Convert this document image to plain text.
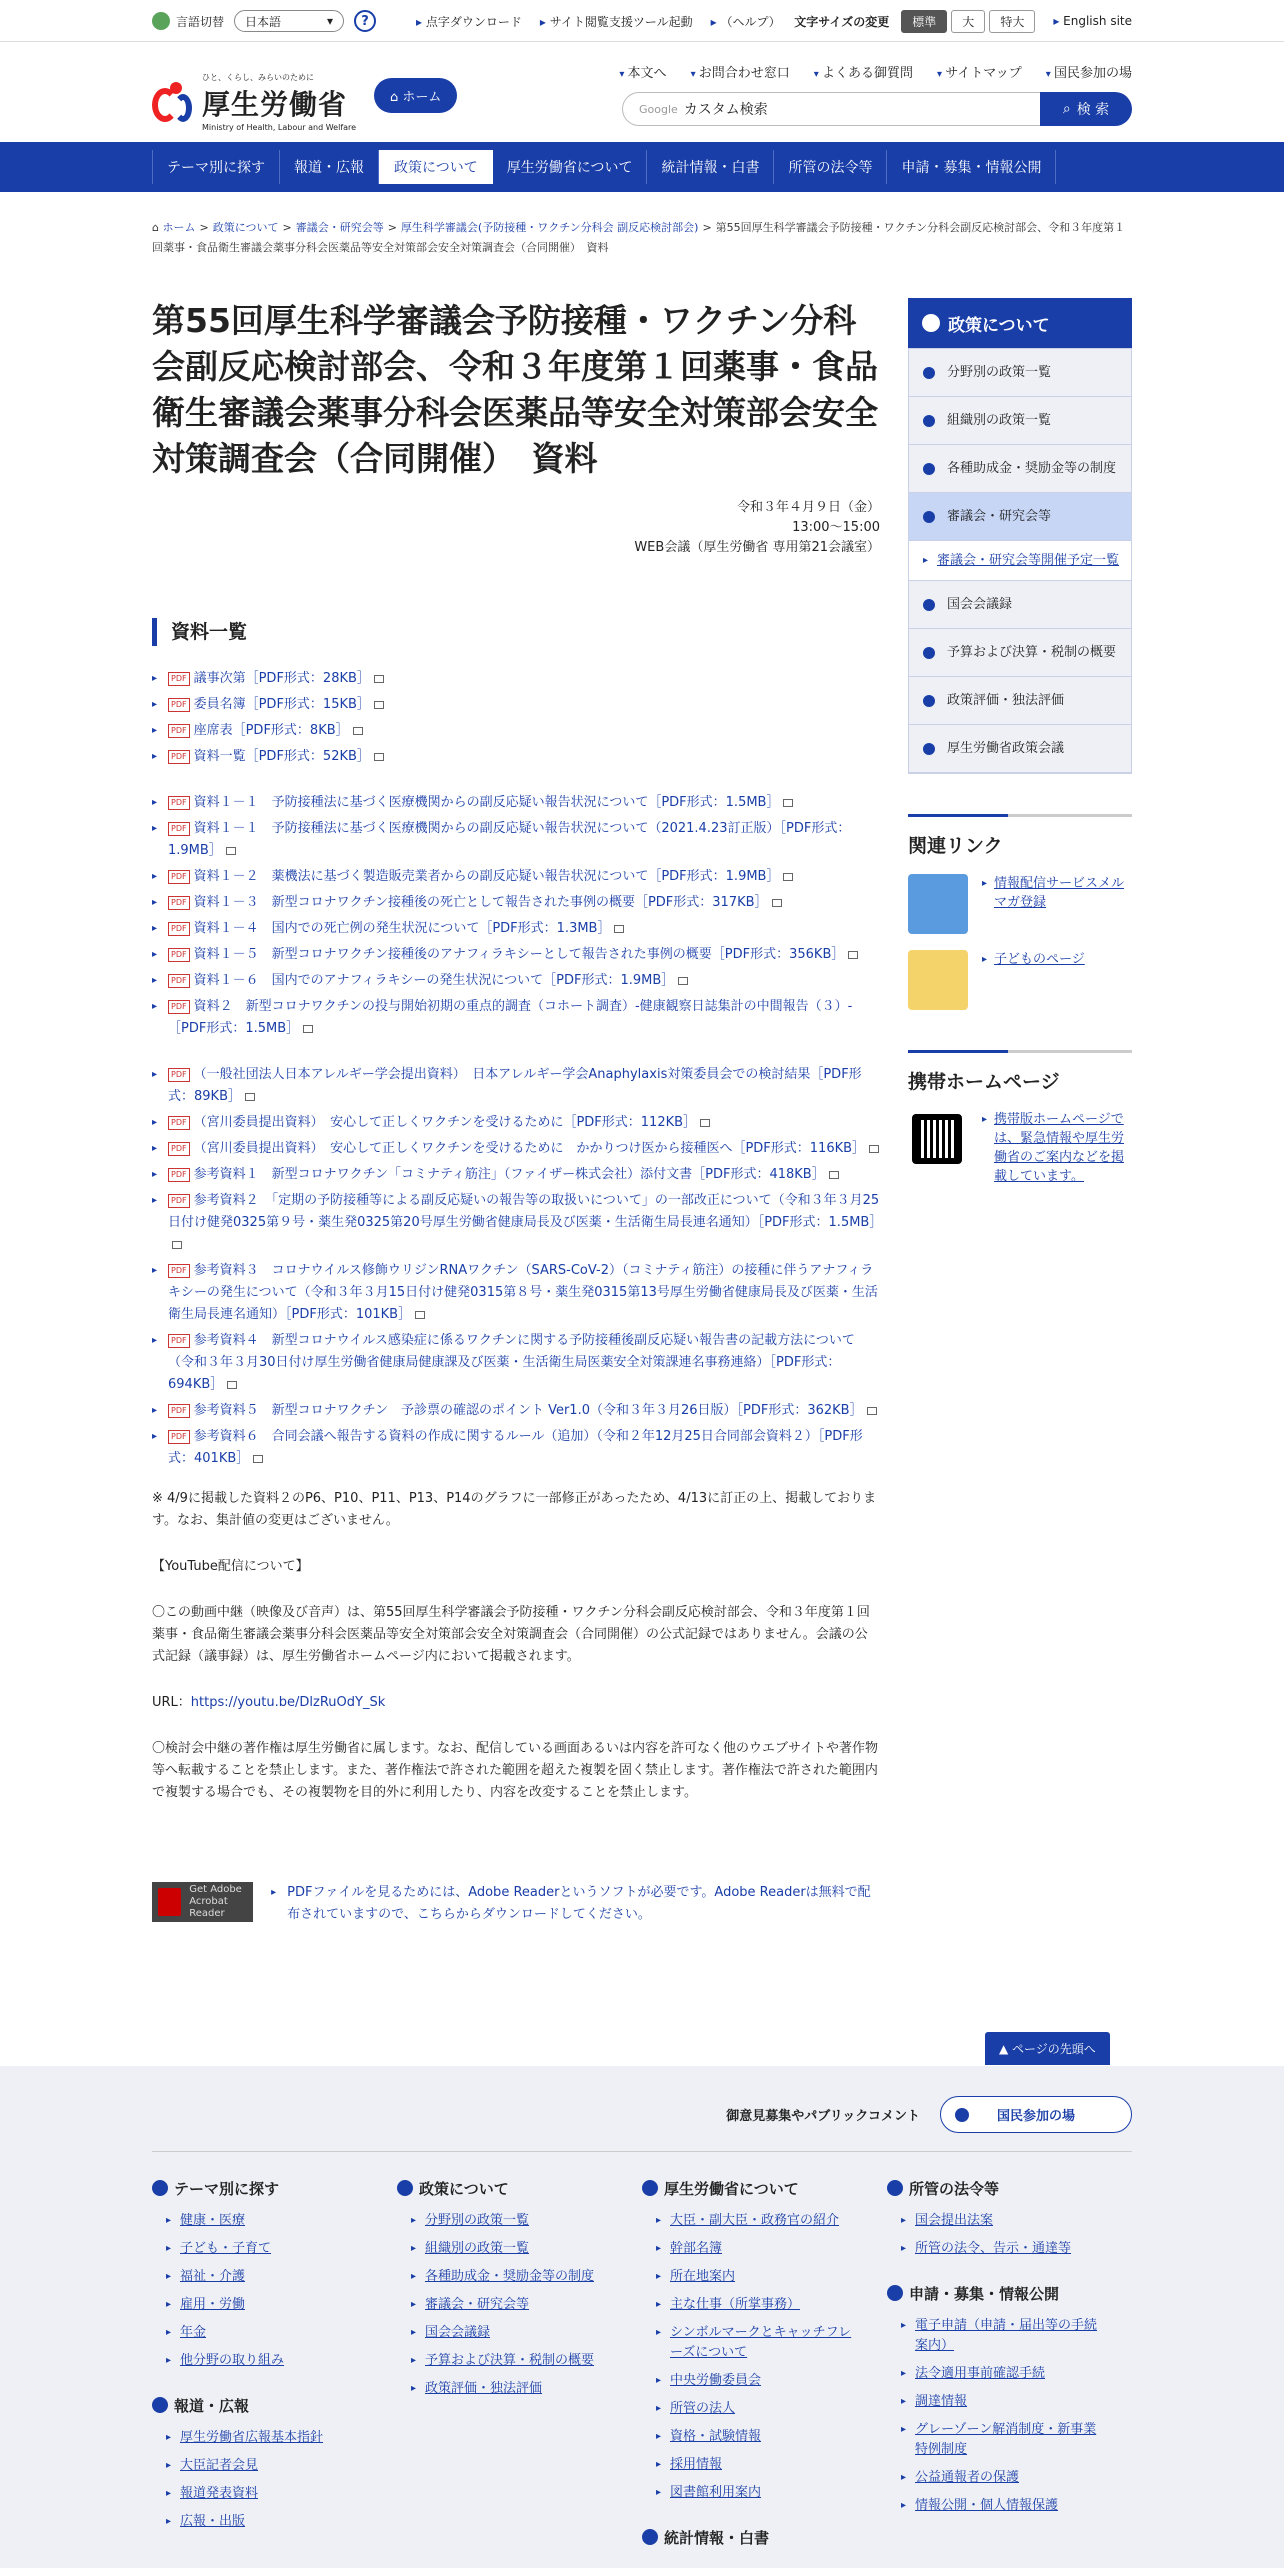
言語切替 日本語	▾	?	▸ 点字ダウンロード	▸ サイト閲覧支援ツール起動	▸ （ヘルプ） 文字サイズの変更	標準	大	特大	▸ English site
ひと、くらし、みらいのために
厚生労働省
Ministry of Health, Labour and Welfare
⌂ ホーム
▾ 本文へ	▾ お問合わせ窓口	▾ よくある御質問	▾ サイトマップ	▾ 国民参加の場
Google カスタム検索	⌕ 検 索
テーマ別に探す	報道・広報	政策について	厚生労働省について	統計情報・白書	所管の法令等	申請・募集・情報公開
⌂ ホーム > 政策について > 審議会・研究会等 > 厚生科学審議会(予防接種・ワクチン分科会 副反応検討部会) > 第55回厚生科学審議会予防接種・ワクチン分科会副反応検討部会、令和３年度第１回薬事・食品衛生審議会薬事分科会医薬品等安全対策部会安全対策調査会（合同開催）　資料
第55回厚生科学審議会予防接種・ワクチン分科会副反応検討部会、令和３年度第１回薬事・食品衛生審議会薬事分科会医薬品等安全対策部会安全対策調査会（合同開催）　資料
令和３年４月９日（金）
13:00～15:00
WEB会議（厚生労働省 専用第21会議室）
資料一覧
▸ PDF 議事次第［PDF形式：28KB］
▸ PDF 委員名簿［PDF形式：15KB］
▸ PDF 座席表［PDF形式：8KB］
▸ PDF 資料一覧［PDF形式：52KB］
▸ PDF 資料１－１　予防接種法に基づく医療機関からの副反応疑い報告状況について［PDF形式：1.5MB］
▸ PDF 資料１－１　予防接種法に基づく医療機関からの副反応疑い報告状況について（2021.4.23訂正版）［PDF形式：1.9MB］
▸ PDF 資料１－２　薬機法に基づく製造販売業者からの副反応疑い報告状況について［PDF形式：1.9MB］
▸ PDF 資料１－３　新型コロナワクチン接種後の死亡として報告された事例の概要［PDF形式：317KB］
▸ PDF 資料１－４　国内での死亡例の発生状況について［PDF形式：1.3MB］
▸ PDF 資料１－５　新型コロナワクチン接種後のアナフィラキシーとして報告された事例の概要［PDF形式：356KB］
▸ PDF 資料１－６　国内でのアナフィラキシーの発生状況について［PDF形式：1.9MB］
▸ PDF 資料２　新型コロナワクチンの投与開始初期の重点的調査（コホート調査）-健康観察日誌集計の中間報告（３）-［PDF形式：1.5MB］
▸ PDF （一般社団法人日本アレルギー学会提出資料）　日本アレルギー学会Anaphylaxis対策委員会での検討結果［PDF形式：89KB］
▸ PDF （宮川委員提出資料）　安心して正しくワクチンを受けるために［PDF形式：112KB］
▸ PDF （宮川委員提出資料）　安心して正しくワクチンを受けるために　かかりつけ医から接種医へ［PDF形式：116KB］
▸ PDF 参考資料１　新型コロナワクチン「コミナティ筋注」（ファイザー株式会社）添付文書［PDF形式：418KB］
▸ PDF 参考資料２　「定期の予防接種等による副反応疑いの報告等の取扱いについて」の一部改正について（令和３年３月25日付け健発0325第９号・薬生発0325第20号厚生労働省健康局長及び医薬・生活衛生局長連名通知）［PDF形式：1.5MB］
▸ PDF 参考資料３　コロナウイルス修飾ウリジンRNAワクチン（SARS-CoV-2）（コミナティ筋注）の接種に伴うアナフィラキシーの発生について（令和３年３月15日付け健発0315第８号・薬生発0315第13号厚生労働省健康局長及び医薬・生活衛生局長連名通知）［PDF形式：101KB］
▸ PDF 参考資料４　新型コロナウイルス感染症に係るワクチンに関する予防接種後副反応疑い報告書の記載方法について（令和３年３月30日付け厚生労働省健康局健康課及び医薬・生活衛生局医薬安全対策課連名事務連絡）［PDF形式：694KB］
▸ PDF 参考資料５　新型コロナワクチン　予診票の確認のポイント Ver1.0（令和３年３月26日版）［PDF形式：362KB］
▸ PDF 参考資料６　合同会議へ報告する資料の作成に関するルール（追加）（令和２年12月25日合同部会資料２）［PDF形式：401KB］
※ 4/9に掲載した資料２のP6、P10、P11、P13、P14のグラフに一部修正があったため、4/13に訂正の上、掲載しております。なお、集計値の変更はございません。
【YouTube配信について】
〇この動画中継（映像及び音声）は、第55回厚生科学審議会予防接種・ワクチン分科会副反応検討部会、令和３年度第１回薬事・食品衛生審議会薬事分科会医薬品等安全対策部会安全対策調査会（合同開催）の公式記録ではありません。会議の公式記録（議事録）は、厚生労働省ホームページ内において掲載されます。
URL：https://youtu.be/DlzRuOdY_Sk
〇検討会中継の著作権は厚生労働省に属します。なお、配信している画面あるいは内容を許可なく他のウエブサイトや著作物等へ転載することを禁止します。また、著作権法で許された範囲を超えた複製を固く禁止します。著作権法で許された範囲内で複製する場合でも、その複製物を目的外に利用したり、内容を改変することを禁止します。
Get Adobe
Acrobat Reader
▸ PDFファイルを見るためには、Adobe Readerというソフトが必要です。Adobe Readerは無料で配布されていますので、こちらからダウンロードしてください。
政策について
分野別の政策一覧
組織別の政策一覧
各種助成金・奨励金等の制度
審議会・研究会等
▸ 審議会・研究会等開催予定一覧
国会会議録
予算および決算・税制の概要
政策評価・独法評価
厚生労働省政策会議
関連リンク
▸ 情報配信サービスメルマガ登録
▸ 子どものページ
携帯ホームページ
▸ 携帯版ホームページでは、緊急情報や厚生労働省のご案内などを掲載しています。
▲ ページの先頭へ
御意見募集やパブリックコメント	国民参加の場
テーマ別に探す
▸ 健康・医療
▸ 子ども・子育て
▸ 福祉・介護
▸ 雇用・労働
▸ 年金
▸ 他分野の取り組み
報道・広報
▸ 厚生労働省広報基本指針
▸ 大臣記者会見
▸ 報道発表資料
▸ 広報・出版
政策について
▸ 分野別の政策一覧
▸ 組織別の政策一覧
▸ 各種助成金・奨励金等の制度
▸ 審議会・研究会等
▸ 国会会議録
▸ 予算および決算・税制の概要
▸ 政策評価・独法評価
厚生労働省について
▸ 大臣・副大臣・政務官の紹介
▸ 幹部名簿
▸ 所在地案内
▸ 主な仕事（所掌事務）
▸ シンボルマークとキャッチフレーズについて
▸ 中央労働委員会
▸ 所管の法人
▸ 資格・試験情報
▸ 採用情報
▸ 図書館利用案内
統計情報・白書
所管の法令等
▸ 国会提出法案
▸ 所管の法令、告示・通達等
申請・募集・情報公開
▸ 電子申請（申請・届出等の手続案内）
▸ 法令適用事前確認手続
▸ 調達情報
▸ グレーゾーン解消制度・新事業特例制度
▸ 公益通報者の保護
▸ 情報公開・個人情報保護
